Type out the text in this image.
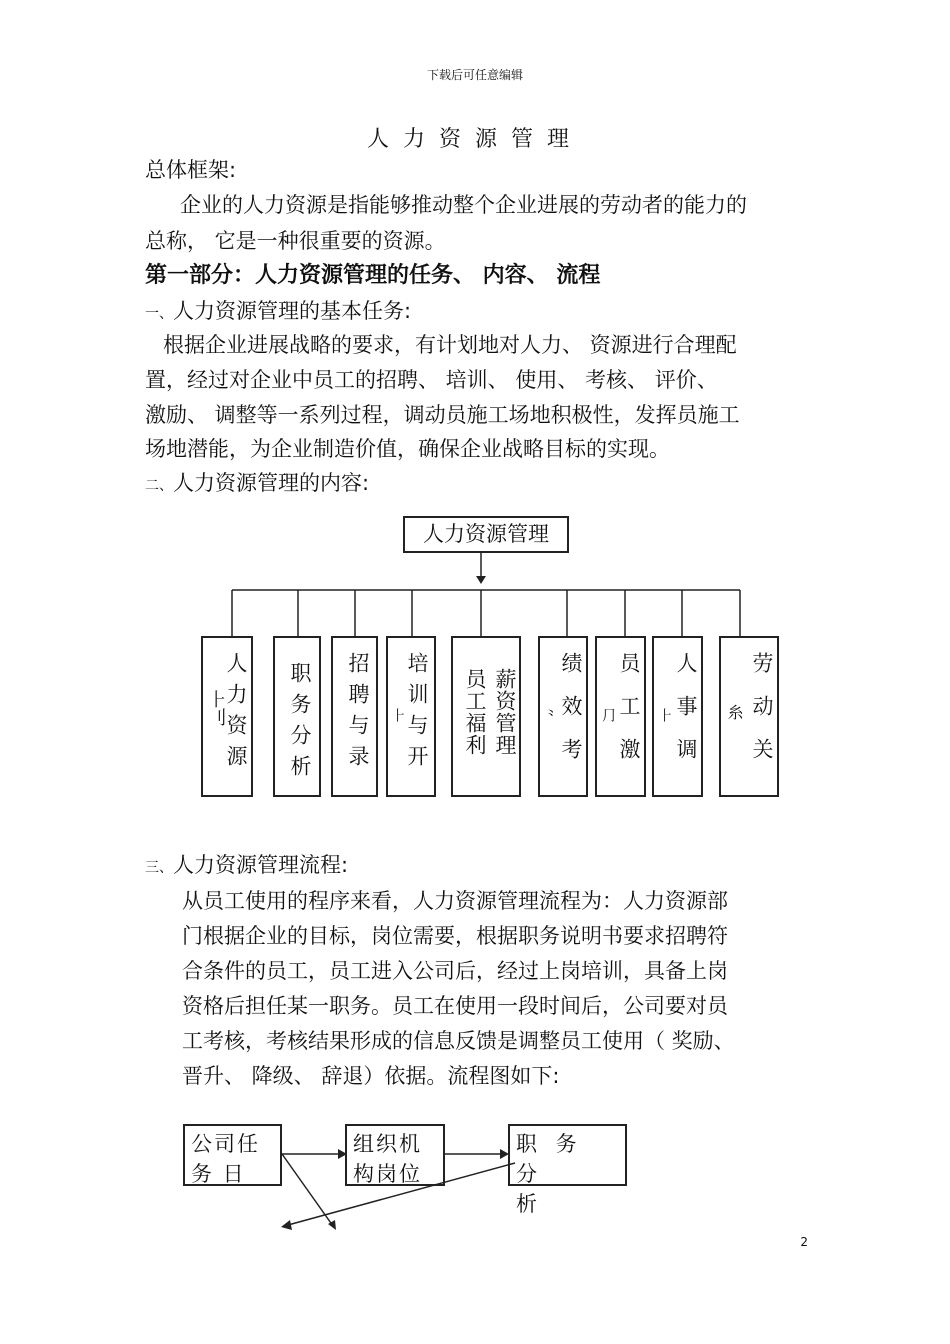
下载后可任意编辑
人力资源管理
总体框架:
企业的人力资源是指能够推动整个企业进展的劳动者的能力的
总称， 它是一种很重要的资源。
第一部分：人力资源管理的任务、 内容、 流程
一、人力资源管理的基本任务:
根据企业进展战略的要求，有计划地对人力、 资源进行合理配
置，经过对企业中员工的招聘、 培训、 使用、 考核、 评价、
激励、 调整等一系列过程，调动员施工场地积极性，发挥员施工
场地潜能，为企业制造价值，确保企业战略目标的实现。
二、人力资源管理的内容:
人力资源管理
⺊刂
人力资源 职务分析 招聘与录 ⺊ 培训与开	薪资管理
员工福利	⺀ 绩效考 ⺆ 员工激 ⺊ 人事调 糸 劳动关
三、人力资源管理流程:
从员工使用的程序来看，人力资源管理流程为：人力资源部
门根据企业的目标，岗位需要，根据职务说明书要求招聘符
合条件的员工，员工进入公司后，经过上岗培训，具备上岗
资格后担任某一职务。员工在使用一段时间后，公司要对员
工考核，考核结果形成的信息反馈是调整员工使用（ 奖励、
晋升、 降级、 辞退）依据。流程图如下:
公司任
务 日
组织机
构岗位
职 务 分
析
2
